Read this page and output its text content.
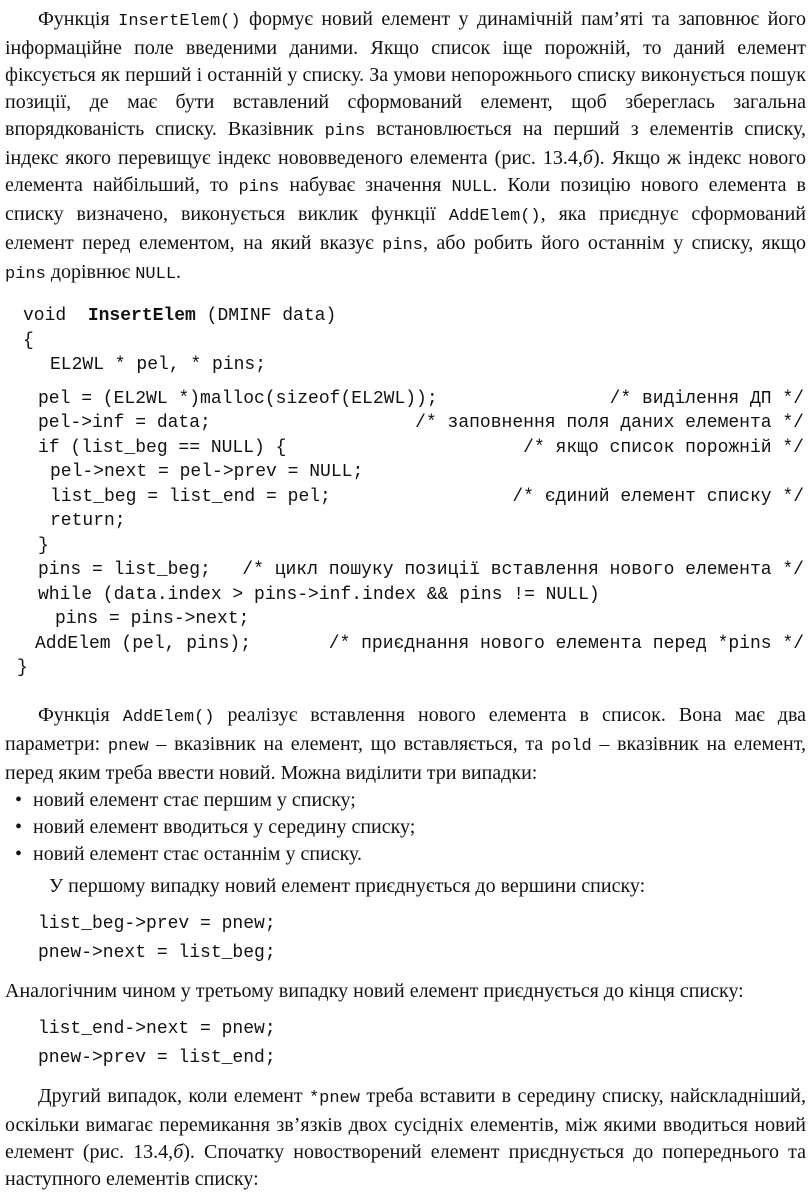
Функція InsertElem() формує новий елемент у динамічній пам’яті та заповнює його інформаційне поле введеними даними. Якщо список іще порожній, то даний елемент фіксується як перший і останній у списку. За умови непорожнього списку виконується пошук позиції, де має бути вставлений сформований елемент, щоб збереглась загальна впорядкованість списку. Вказівник pins встановлюється на перший з елементів списку, індекс якого перевищує індекс нововведеного елемента (рис. 13.4,б). Якщо ж індекс нового елемента найбільший, то pins набуває значення NULL. Коли позицію нового елемента в списку визначено, виконується виклик функції AddElem(), яка приєднує сформований елемент перед елементом, на який вказує pins, або робить його останнім у списку, якщо pins дорівнює NULL.

void  InsertElem (DMINF data)
{
EL2WL * pel, * pins;
pel = (EL2WL *)malloc(sizeof(EL2WL));	/* виділення ДП */
pel->inf = data;	/* заповнення поля даних елемента */
if (list_beg == NULL) {	/* якщо список порожній */
pel->next = pel->prev = NULL;
list_beg = list_end = pel;	/* єдиний елемент списку */
return;
}
pins = list_beg; /* цикл пошуку позиції вставлення нового елемента */
while (data.index > pins->inf.index && pins != NULL)
pins = pins->next;
AddElem (pel, pins);	/* приєднання нового елемента перед *pins */
}

Функція AddElem() реалізує вставлення нового елемента в список. Вона має два параметри: pnew – вказівник на елемент, що вставляється, та pold – вказівник на елемент, перед яким треба ввести новий. Можна виділити три випадки:

• новий елемент стає першим у списку;
• новий елемент вводиться у середину списку;
• новий елемент стає останнім у списку.

У першому випадку новий елемент приєднується до вершини списку:

list_beg->prev = pnew;
pnew->next = list_beg;

Аналогічним чином у третьому випадку новий елемент приєднується до кінця списку:

list_end->next = pnew;
pnew->prev = list_end;

Другий випадок, коли елемент *pnew треба вставити в середину списку, найскладніший, оскільки вимагає перемикання зв’язків двох сусідніх елементів, між якими вводиться новий елемент (рис. 13.4,б). Спочатку новостворений елемент приєднується до попереднього та наступного елементів списку:
